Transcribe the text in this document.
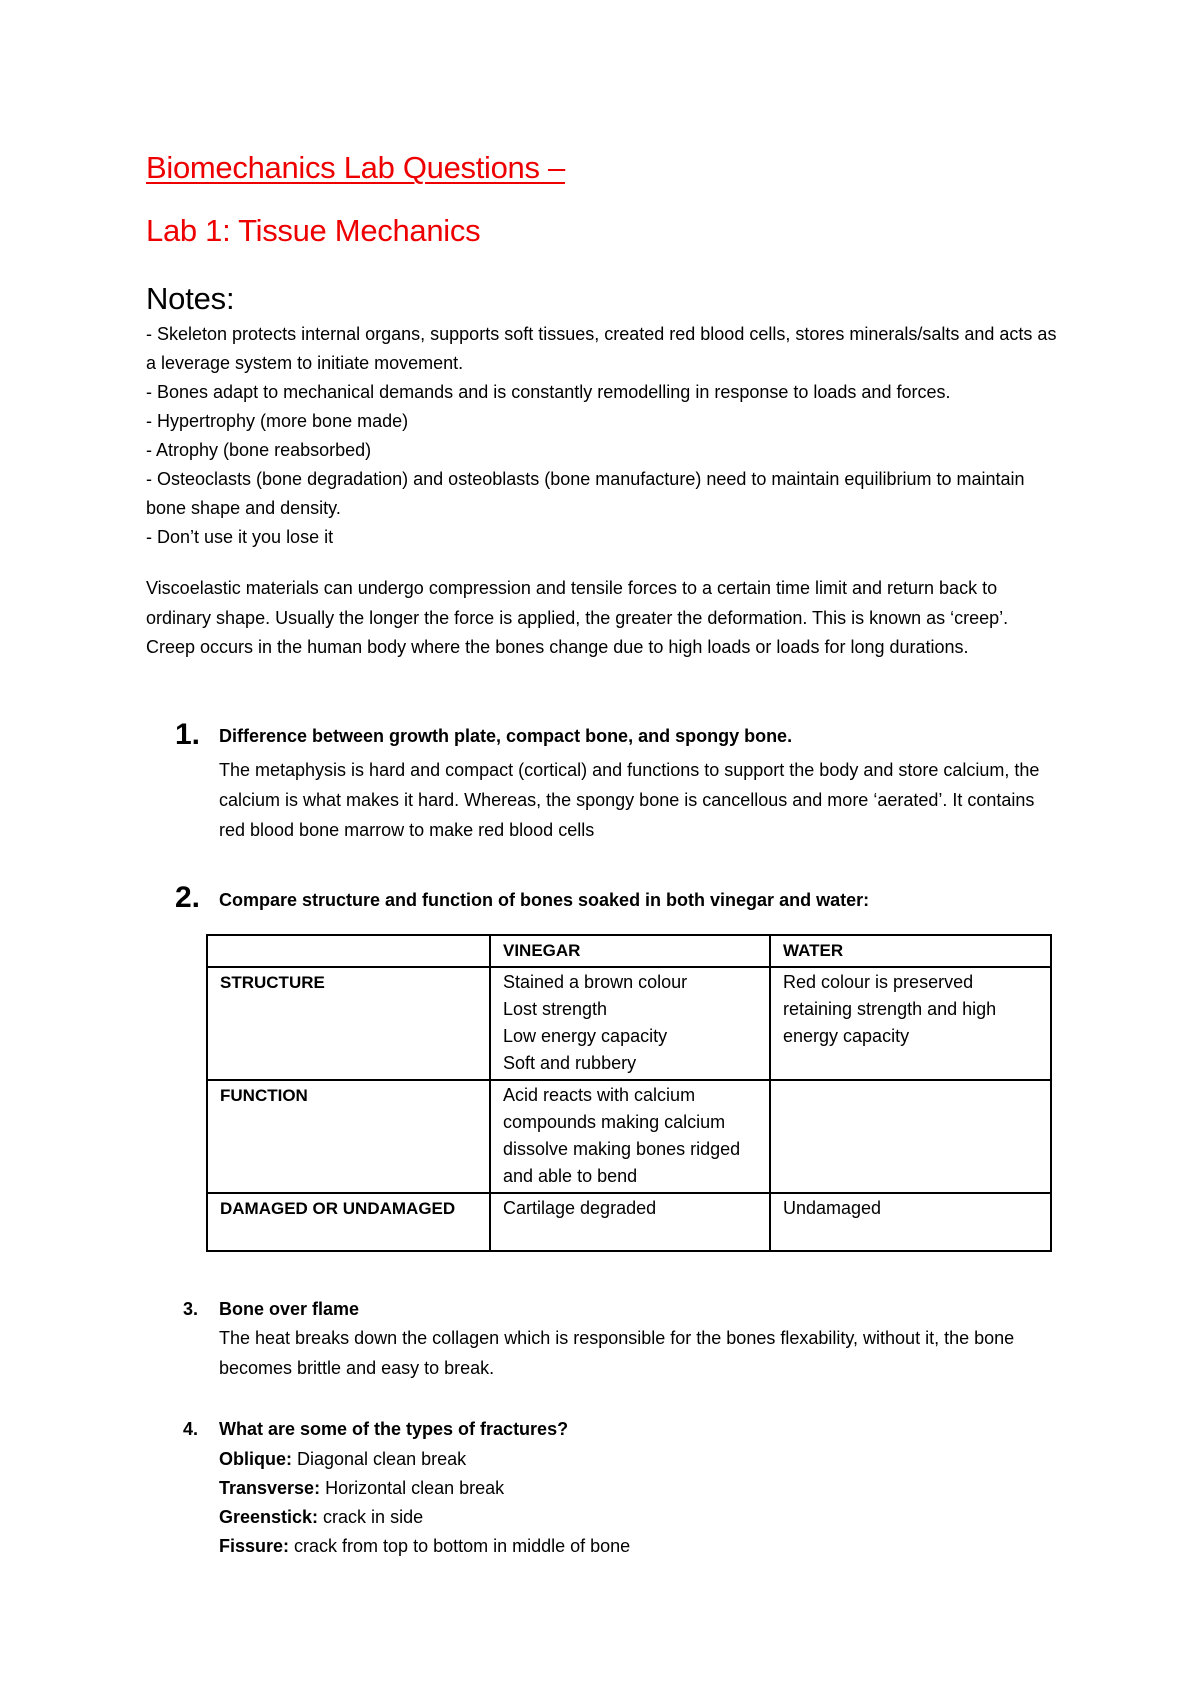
Biomechanics Lab Questions –
Lab 1: Tissue Mechanics
Notes:
- Skeleton protects internal organs, supports soft tissues, created red blood cells, stores minerals/salts and acts as a leverage system to initiate movement.
- Bones adapt to mechanical demands and is constantly remodelling in response to loads and forces.
- Hypertrophy (more bone made)
- Atrophy (bone reabsorbed)
- Osteoclasts (bone degradation) and osteoblasts (bone manufacture) need to maintain equilibrium to maintain bone shape and density.
- Don’t use it you lose it

Viscoelastic materials can undergo compression and tensile forces to a certain time limit and return back to ordinary shape. Usually the longer the force is applied, the greater the deformation. This is known as ‘creep’. Creep occurs in the human body where the bones change due to high loads or loads for long durations.

1. Difference between growth plate, compact bone, and spongy bone.

The metaphysis is hard and compact (cortical) and functions to support the body and store calcium, the calcium is what makes it hard. Whereas, the spongy bone is cancellous and more ‘aerated’. It contains red blood bone marrow to make red blood cells

2. Compare structure and function of bones soaked in both vinegar and water:

	VINEGAR	WATER
STRUCTURE	Stained a brown colour
Lost strength
Low energy capacity
Soft and rubbery	Red colour is preserved retaining strength and high energy capacity
FUNCTION	Acid reacts with calcium compounds making calcium dissolve making bones ridged and able to bend	

DAMAGED OR UNDAMAGED	Cartilage degraded	Undamaged
3. Bone over flame

The heat breaks down the collagen which is responsible for the bones flexability, without it, the bone becomes brittle and easy to break.

4. What are some of the types of fractures?

Oblique: Diagonal clean break
Transverse: Horizontal clean break
Greenstick: crack in side
Fissure: crack from top to bottom in middle of bone
